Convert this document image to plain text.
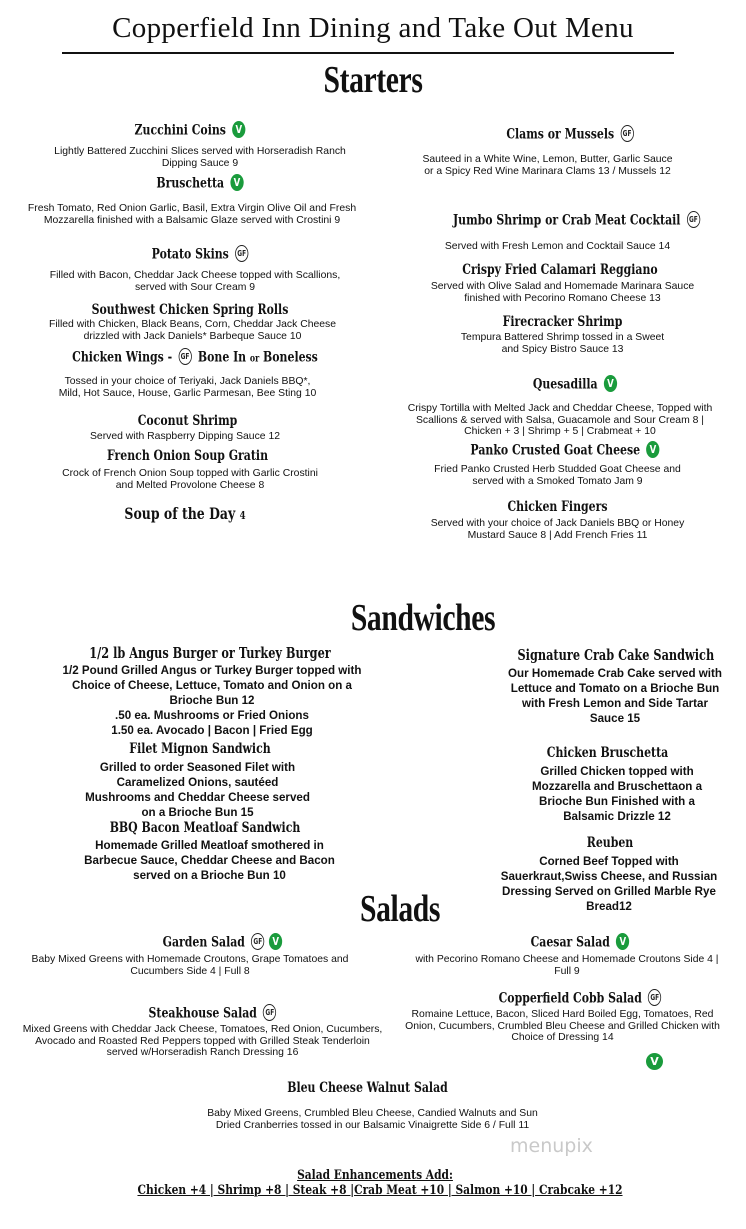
Copperfield Inn Dining and Take Out Menu
Starters
Zucchini Coins V
Lightly Battered Zucchini Slices served with Horseradish Ranch Dipping Sauce 9
Bruschetta V
Fresh Tomato, Red Onion Garlic, Basil, Extra Virgin Olive Oil and Fresh Mozzarella finished with a Balsamic Glaze served with Crostini 9
Potato Skins GF
Filled with Bacon, Cheddar Jack Cheese topped with Scallions, served with Sour Cream 9
Southwest Chicken Spring Rolls
Filled with Chicken, Black Beans, Corn, Cheddar Jack Cheese drizzled with Jack Daniels* Barbeque Sauce 10
Chicken Wings - GF Bone In or Boneless
Tossed in your choice of Teriyaki, Jack Daniels BBQ*, Mild, Hot Sauce, House, Garlic Parmesan, Bee Sting 10
Coconut Shrimp
Served with Raspberry Dipping Sauce 12
French Onion Soup Gratin
Crock of French Onion Soup topped with Garlic Crostini and Melted Provolone Cheese 8
Soup of the Day 4
Clams or Mussels GF
Sauteed in a White Wine, Lemon, Butter, Garlic Sauce or a Spicy Red Wine Marinara Clams 13 / Mussels 12
Jumbo Shrimp or Crab Meat Cocktail GF
Served with Fresh Lemon and Cocktail Sauce 14
Crispy Fried Calamari Reggiano
Served with Olive Salad and Homemade Marinara Sauce finished with Pecorino Romano Cheese 13
Firecracker Shrimp
Tempura Battered Shrimp tossed in a Sweet and Spicy Bistro Sauce 13
Quesadilla V
Crispy Tortilla with Melted Jack and Cheddar Cheese, Topped with Scallions & served with Salsa, Guacamole and Sour Cream 8 | Chicken + 3 | Shrimp + 5 | Crabmeat + 10
Panko Crusted Goat Cheese V
Fried Panko Crusted Herb Studded Goat Cheese and served with a Smoked Tomato Jam 9
Chicken Fingers
Served with your choice of Jack Daniels BBQ or Honey Mustard Sauce 8 | Add French Fries 11
Sandwiches
1/2 lb Angus Burger or Turkey Burger
1/2 Pound Grilled Angus or Turkey Burger topped with Choice of Cheese, Lettuce, Tomato and Onion on a Brioche Bun 12
.50 ea. Mushrooms or Fried Onions
1.50 ea. Avocado | Bacon | Fried Egg
Filet Mignon Sandwich
Grilled to order Seasoned Filet with Caramelized Onions, sautéed Mushrooms and Cheddar Cheese served on a Brioche Bun 15
BBQ Bacon Meatloaf Sandwich
Homemade Grilled Meatloaf smothered in Barbecue Sauce, Cheddar Cheese and Bacon served on a Brioche Bun 10
Signature Crab Cake Sandwich
Our Homemade Crab Cake served with Lettuce and Tomato on a Brioche Bun with Fresh Lemon and Side Tartar Sauce 15
Chicken Bruschetta
Grilled Chicken topped with Mozzarella and Bruschettaon a Brioche Bun Finished with a Balsamic Drizzle 12
Reuben
Corned Beef Topped with Sauerkraut,Swiss Cheese, and Russian Dressing Served on Grilled Marble Rye Bread12
Salads
Garden Salad GF V
Baby Mixed Greens with Homemade Croutons, Grape Tomatoes and Cucumbers Side 4 | Full 8
Steakhouse Salad GF
Mixed Greens with Cheddar Jack Cheese, Tomatoes, Red Onion, Cucumbers, Avocado and Roasted Red Peppers topped with Grilled Steak Tenderloin served w/Horseradish Ranch Dressing 16
Caesar Salad V
with Pecorino Romano Cheese and Homemade Croutons Side 4 | Full 9
Copperfield Cobb Salad GF
Romaine Lettuce, Bacon, Sliced Hard Boiled Egg, Tomatoes, Red Onion, Cucumbers, Crumbled Bleu Cheese and Grilled Chicken with Choice of Dressing 14
V
Bleu Cheese Walnut Salad
Baby Mixed Greens, Crumbled Bleu Cheese, Candied Walnuts and Sun Dried Cranberries tossed in our Balsamic Vinaigrette Side 6 / Full 11
menupix
Salad Enhancements Add:
Chicken +4 | Shrimp +8 | Steak +8 |Crab Meat +10 | Salmon +10 | Crabcake +12
